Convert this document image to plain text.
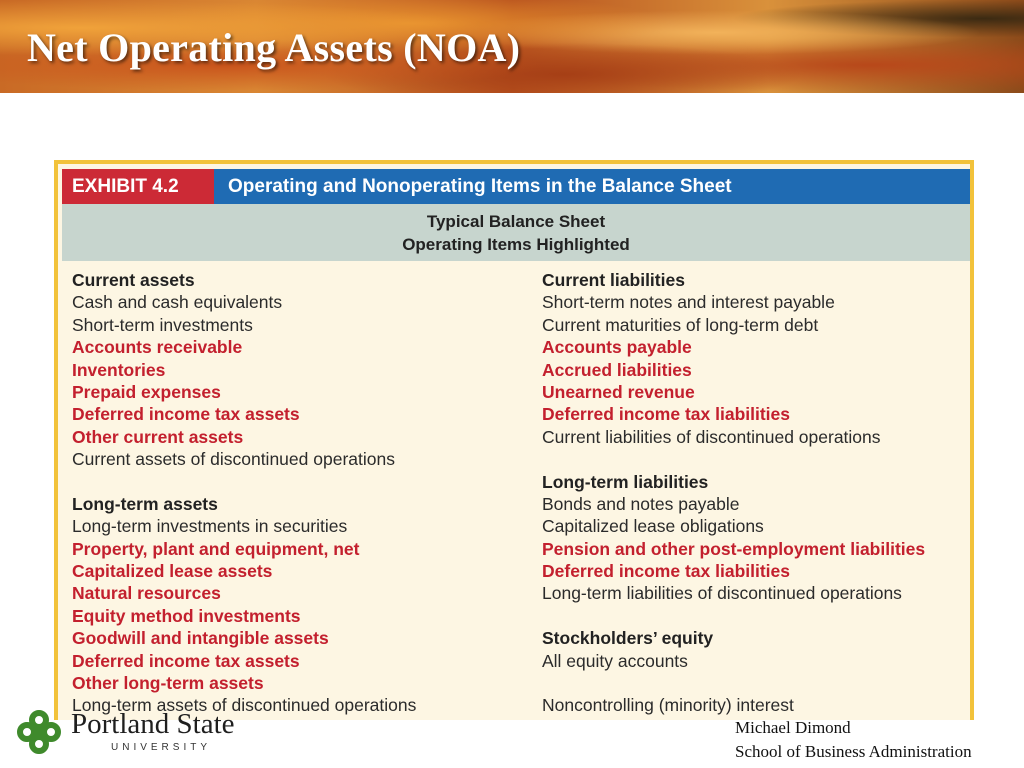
Net Operating Assets (NOA)
EXHIBIT 4.2	Operating and Nonoperating Items in the Balance Sheet
Typical Balance Sheet
Operating Items Highlighted
Current assets
Cash and cash equivalents
Short-term investments
Accounts receivable
Inventories
Prepaid expenses
Deferred income tax assets
Other current assets
Current assets of discontinued operations
Long-term assets
Long-term investments in securities
Property, plant and equipment, net
Capitalized lease assets
Natural resources
Equity method investments
Goodwill and intangible assets
Deferred income tax assets
Other long-term assets
Long-term assets of discontinued operations
Current liabilities
Short-term notes and interest payable
Current maturities of long-term debt
Accounts payable
Accrued liabilities
Unearned revenue
Deferred income tax liabilities
Current liabilities of discontinued operations
Long-term liabilities
Bonds and notes payable
Capitalized lease obligations
Pension and other post-employment liabilities
Deferred income tax liabilities
Long-term liabilities of discontinued operations
Stockholders’ equity
All equity accounts
Noncontrolling (minority) interest
Portland State
UNIVERSITY
Michael Dimond
School of Business Administration
